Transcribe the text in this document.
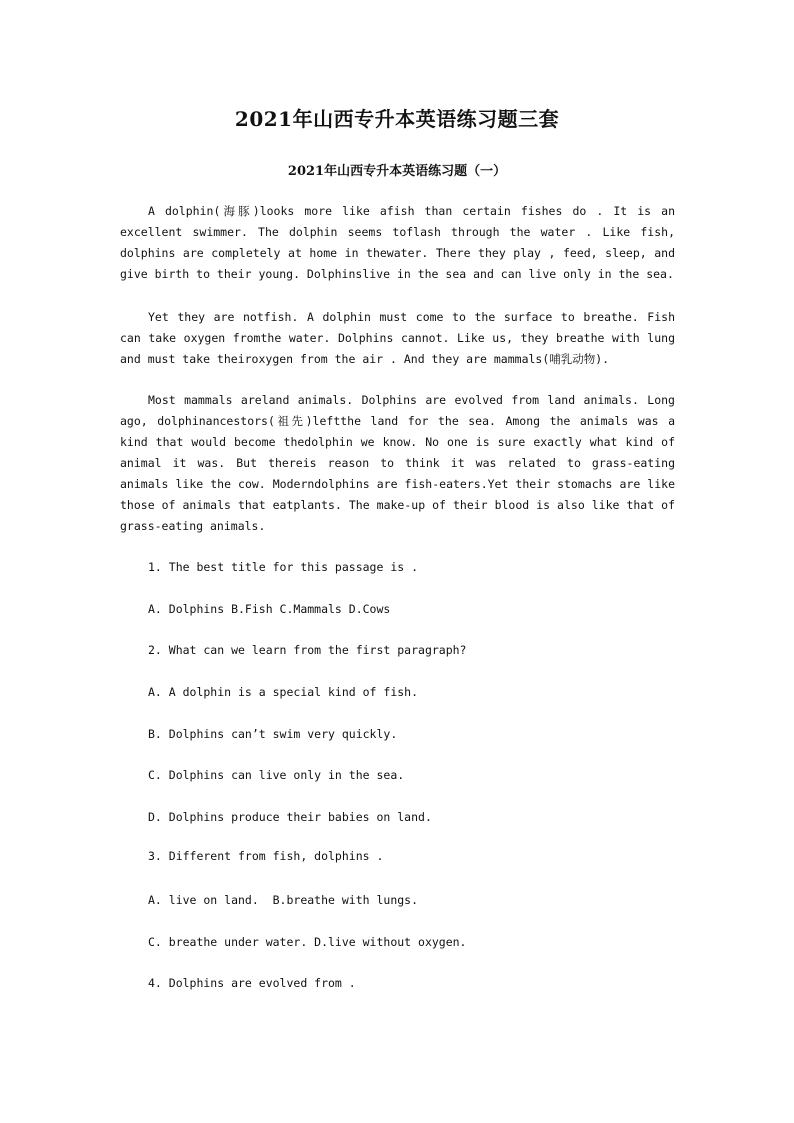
2021年山西专升本英语练习题三套
2021年山西专升本英语练习题（一）

A dolphin(海豚)looks more like afish than certain fishes do . It is an excellent swimmer. The dolphin seems toflash through the water . Like fish, dolphins are completely at home in thewater. There they play , feed, sleep, and give birth to their young. Dolphinslive in the sea and can live only in the sea.

Yet they are notfish. A dolphin must come to the surface to breathe. Fish can take oxygen fromthe water. Dolphins cannot. Like us, they breathe with lung and must take theiroxygen from the air . And they are mammals(哺乳动物).

Most mammals areland animals. Dolphins are evolved from land animals. Long ago, dolphinancestors(祖先)leftthe land for the sea. Among the animals was a kind that would become thedolphin we know. No one is sure exactly what kind of animal it was. But thereis reason to think it was related to grass-eating animals like the cow. Moderndolphins are fish-eaters.Yet their stomachs are like those of animals that eatplants. The make-up of their blood is also like that of grass-eating animals.

1. The best title for this passage is .

A. Dolphins B.Fish C.Mammals D.Cows

2. What can we learn from the first paragraph?

A. A dolphin is a special kind of fish.

B. Dolphins can’t swim very quickly.

C. Dolphins can live only in the sea.

D. Dolphins produce their babies on land.

3. Different from fish, dolphins .

A. live on land.  B.breathe with lungs.

C. breathe under water. D.live without oxygen.

4. Dolphins are evolved from .
